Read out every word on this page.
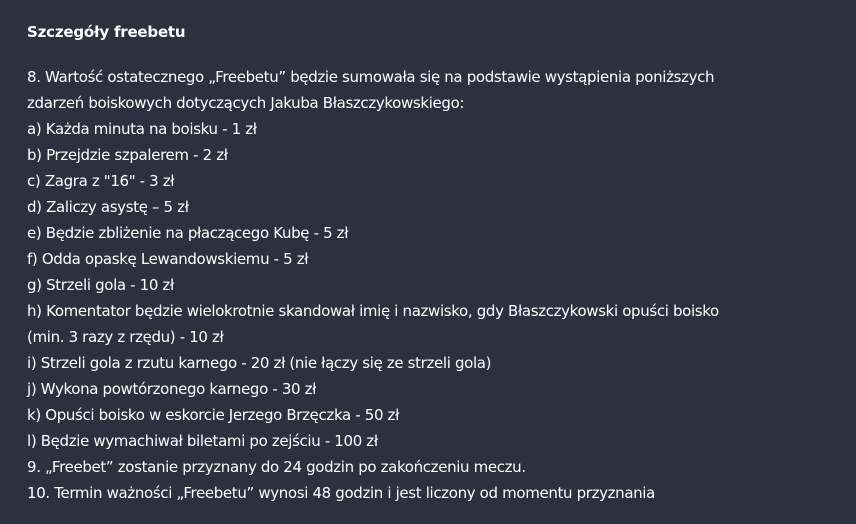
Szczegóły freebetu
8. Wartość ostatecznego „Freebetu” będzie sumowała się na podstawie wystąpienia poniższych
zdarzeń boiskowych dotyczących Jakuba Błaszczykowskiego:
a) Każda minuta na boisku - 1 zł
b) Przejdzie szpalerem - 2 zł
c) Zagra z "16" - 3 zł
d) Zaliczy asystę – 5 zł
e) Będzie zbliżenie na płaczącego Kubę - 5 zł
f) Odda opaskę Lewandowskiemu - 5 zł
g) Strzeli gola - 10 zł
h) Komentator będzie wielokrotnie skandował imię i nazwisko, gdy Błaszczykowski opuści boisko
(min. 3 razy z rzędu) - 10 zł
i) Strzeli gola z rzutu karnego - 20 zł (nie łączy się ze strzeli gola)
j) Wykona powtórzonego karnego - 30 zł
k) Opuści boisko w eskorcie Jerzego Brzęczka - 50 zł
l) Będzie wymachiwał biletami po zejściu - 100 zł
9. „Freebet” zostanie przyznany do 24 godzin po zakończeniu meczu.
10. Termin ważności „Freebetu” wynosi 48 godzin i jest liczony od momentu przyznania
